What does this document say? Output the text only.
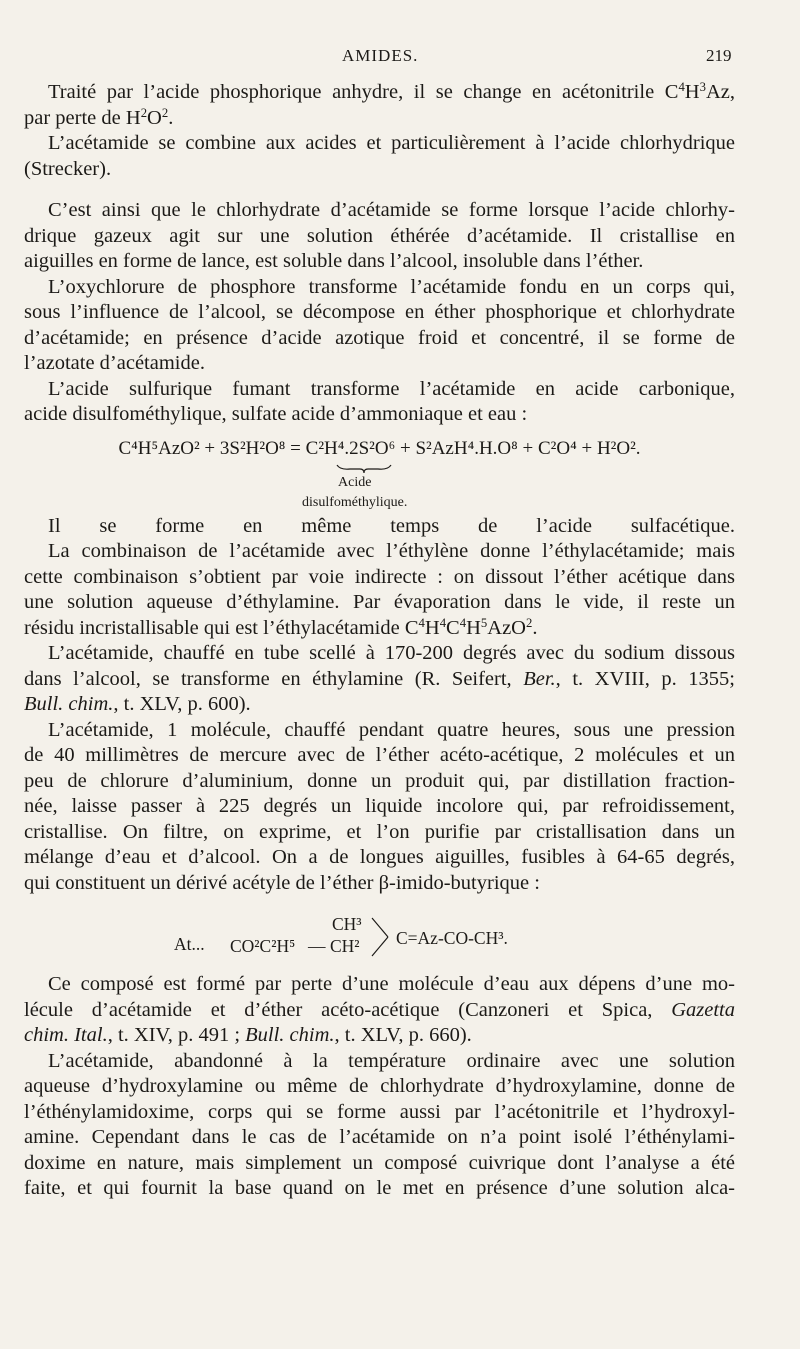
AMIDES.	219
Traité par l’acide phosphorique anhydre, il se change en acétonitrile $C^4H^3Az$,
par perte de $H^2O^2$.
L’acétamide se combine aux acides et particulièrement à l’acide chlorhydrique
(Strecker).
C’est ainsi que le chlorhydrate d’acétamide se forme lorsque l’acide chlorhy-
drique gazeux agit sur une solution éthérée d’acétamide. Il cristallise en
aiguilles en forme de lance, est soluble dans l’alcool, insoluble dans l’éther.
L’oxychlorure de phosphore transforme l’acétamide fondu en un corps qui,
sous l’influence de l’alcool, se décompose en éther phosphorique et chlorhydrate
d’acétamide; en présence d’acide azotique froid et concentré, il se forme de
l’azotate d’acétamide.
L’acide sulfurique fumant transforme l’acétamide en acide carbonique,
acide disulfométhylique, sulfate acide d’ammoniaque et eau :
C⁴H⁵AzO² + 3S²H²O⁸ = C²H⁴.2S²O⁶ + S²AzH⁴.H.O⁸ + C²O⁴ + H²O².
Acide
disulfométhylique.
Il se forme en même temps de l’acide sulfacétique.
La combinaison de l’acétamide avec l’éthylène donne l’éthylacétamide; mais
cette combinaison s’obtient par voie indirecte : on dissout l’éther acétique dans
une solution aqueuse d’éthylamine. Par évaporation dans le vide, il reste un
résidu incristallisable qui est l’éthylacétamide $C^4H^4C^4H^5AzO^2$.
L’acétamide, chauffé en tube scellé à 170-200 degrés avec du sodium dissous
dans l’alcool, se transforme en éthylamine (R. Seifert, Ber., t. XVIII, p. 1355;
Bull. chim., t. XLV, p. 600).
L’acétamide, 1 molécule, chauffé pendant quatre heures, sous une pression
de 40 millimètres de mercure avec de l’éther acéto-acétique, 2 molécules et un
peu de chlorure d’aluminium, donne un produit qui, par distillation fraction-
née, laisse passer à 225 degrés un liquide incolore qui, par refroidissement,
cristallise. On filtre, on exprime, et l’on purifie par cristallisation dans un
mélange d’eau et d’alcool. On a de longues aiguilles, fusibles à 64-65 degrés,
qui constituent un dérivé acétyle de l’éther β-imido-butyrique :
At...
CH³
CO²C²H⁵ — CH² C=Az-CO-CH³.
Ce composé est formé par perte d’une molécule d’eau aux dépens d’une mo-
lécule d’acétamide et d’éther acéto-acétique (Canzoneri et Spica, Gazetta
chim. Ital., t. XIV, p. 491 ; Bull. chim., t. XLV, p. 660).
L’acétamide, abandonné à la température ordinaire avec une solution
aqueuse d’hydroxylamine ou même de chlorhydrate d’hydroxylamine, donne de
l’éthénylamidoxime, corps qui se forme aussi par l’acétonitrile et l’hydroxyl-
amine. Cependant dans le cas de l’acétamide on n’a point isolé l’éthénylami-
doxime en nature, mais simplement un composé cuivrique dont l’analyse a été
faite, et qui fournit la base quand on le met en présence d’une solution alca-
